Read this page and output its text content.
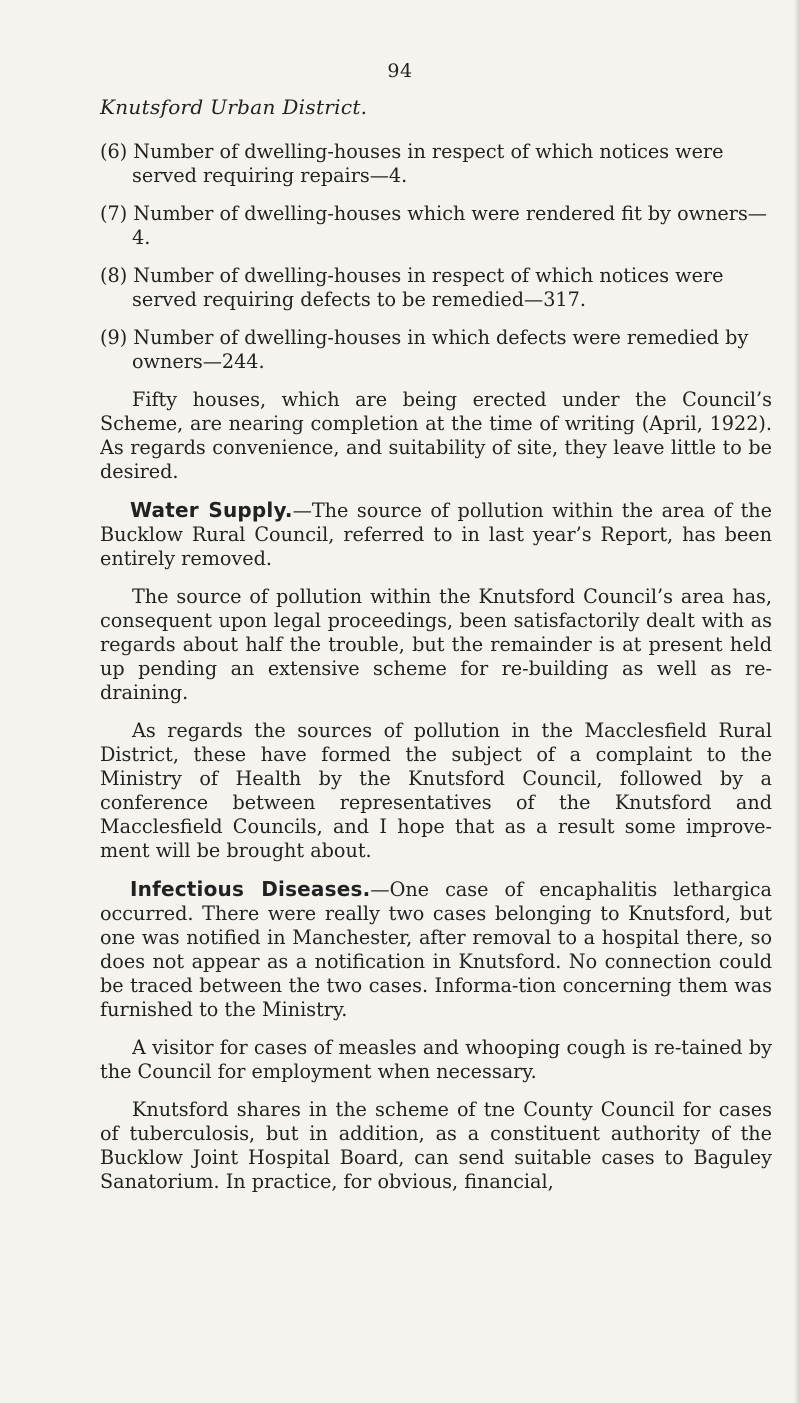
94
Knutsford Urban District.

(6) Number of dwelling-houses in respect of which notices were served requiring repairs—4.

(7) Number of dwelling-houses which were rendered fit by owners—4.

(8) Number of dwelling-houses in respect of which notices were served requiring defects to be remedied—317.

(9) Number of dwelling-houses in which defects were remedied by owners—244.

Fifty houses, which are being erected under the Council’s Scheme, are nearing completion at the time of writing (April, 1922). As regards convenience, and suitability of site, they leave little to be desired.

Water Supply.—The source of pollution within the area of the Bucklow Rural Council, referred to in last year’s Report, has been entirely removed.

The source of pollution within the Knutsford Council’s area has, consequent upon legal proceedings, been satisfactorily dealt with as regards about half the trouble, but the remainder is at present held up pending an extensive scheme for re-building as well as re-draining.

As regards the sources of pollution in the Macclesfield Rural District, these have formed the subject of a complaint to the Ministry of Health by the Knutsford Council, followed by a conference between representatives of the Knutsford and Macclesfield Councils, and I hope that as a result some improve-ment will be brought about.

Infectious Diseases.—One case of encaphalitis lethargica occurred. There were really two cases belonging to Knutsford, but one was notified in Manchester, after removal to a hospital there, so does not appear as a notification in Knutsford. No connection could be traced between the two cases. Informa-tion concerning them was furnished to the Ministry.

A visitor for cases of measles and whooping cough is re-tained by the Council for employment when necessary.

Knutsford shares in the scheme of tne County Council for cases of tuberculosis, but in addition, as a constituent authority of the Bucklow Joint Hospital Board, can send suitable cases to Baguley Sanatorium. In practice, for obvious, financial,
